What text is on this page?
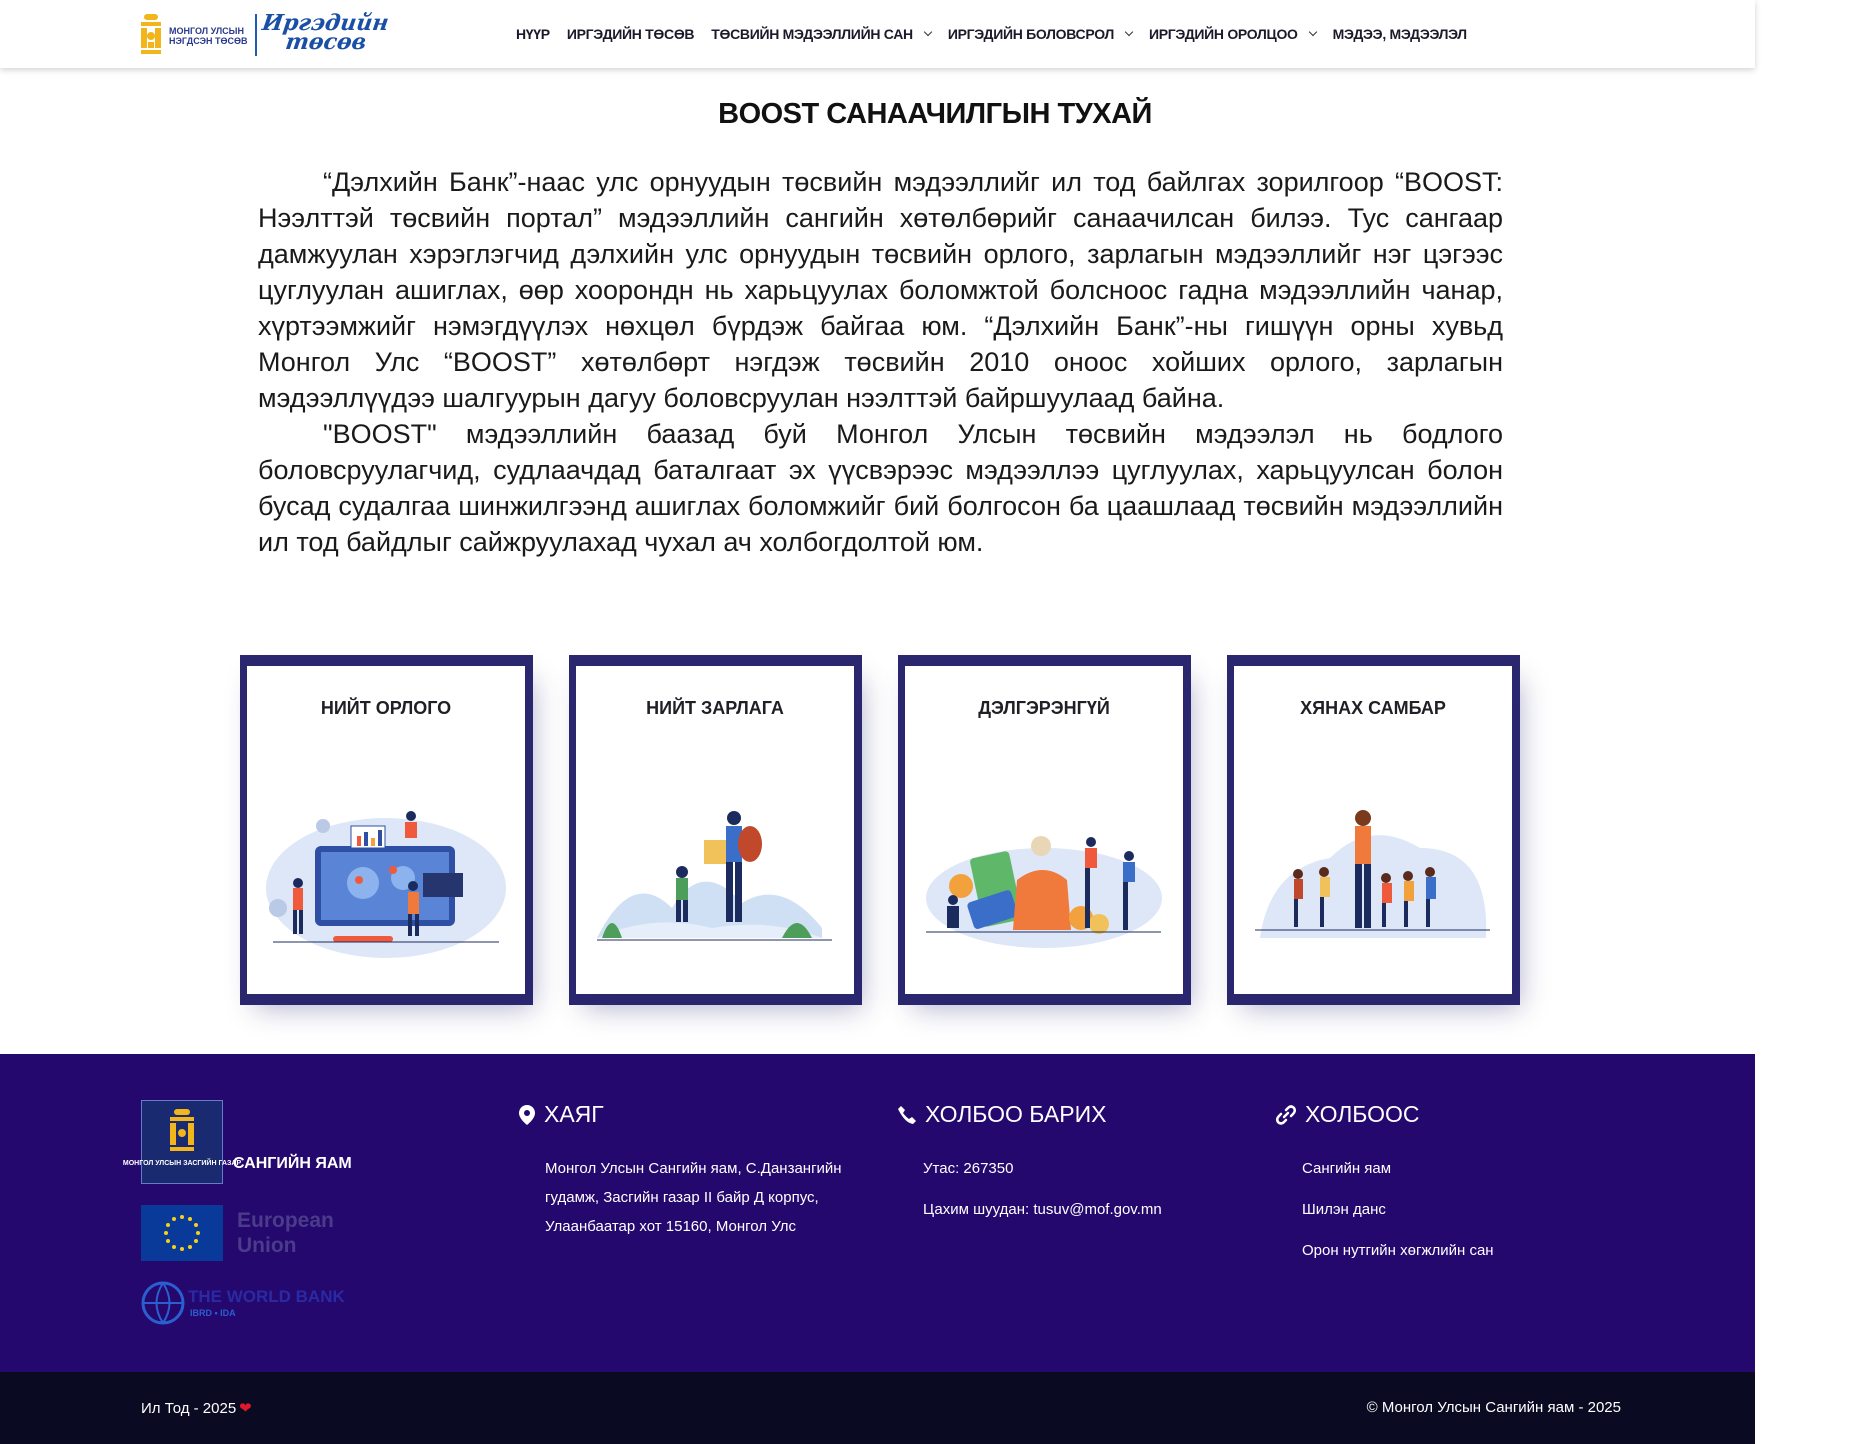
МОНГОЛ УЛСЫН
НЭГДСЭН ТӨСӨВ
Иргэдийн
төсөв	НҮҮР ИРГЭДИЙН ТӨСӨВ ТӨСВИЙН МЭДЭЭЛЛИЙН САН	ИРГЭДИЙН БОЛОВСРОЛ	ИРГЭДИЙН ОРОЛЦОО	МЭДЭЭ, МЭДЭЭЛЭЛ
BOOST САНААЧИЛГЫН ТУХАЙ

“Дэлхийн Банк”-наас улс орнуудын төсвийн мэдээллийг ил тод байлгах зорилгоор “BOOST: Нээлттэй төсвийн портал” мэдээллийн сангийн хөтөлбөрийг санаачилсан билээ. Тус сангаар дамжуулан хэрэглэгчид дэлхийн улс орнуудын төсвийн орлого, зарлагын мэдээллийг нэг цэгээс цуглуулан ашиглах, өөр хоорондн нь харьцуулах боломжтой болсноос гадна мэдээллийн чанар, хүртээмжийг нэмэгдүүлэх нөхцөл бүрдэж байгаа юм. “Дэлхийн Банк”-ны гишүүн орны хувьд Монгол Улс “BOOST” хөтөлбөрт нэгдэж төсвийн 2010 оноос хойших орлого, зарлагын мэдээллүүдээ шалгуурын дагуу боловсруулан нээлттэй байршуулаад байна.

"BOOST" мэдээллийн баазад буй Монгол Улсын төсвийн мэдээлэл нь бодлого боловсруулагчид, судлаачдад баталгаат эх үүсвэрээс мэдээллээ цуглуулах, харьцуулсан болон бусад судалгаа шинжилгээнд ашиглах боломжийг бий болгосон ба цаашлаад төсвийн мэдээллийн ил тод байдлыг сайжруулахад чухал ач холбогдолтой юм.

НИЙТ ОРЛОГО	НИЙТ ЗАРЛАГА	ДЭЛГЭРЭНГҮЙ	ХЯНАХ САМБАР
МОНГОЛ УЛСЫН ЗАСГИЙН ГАЗАР
САНГИЙН ЯАМ
European
Union
THE WORLD BANK
IBRD • IDA
ХАЯГ
Монгол Улсын Сангийн яам, С.Данзангийн
гудамж, Засгийн газар II байр Д корпус,
Улаанбаатар хот 15160, Монгол Улс
ХОЛБОО БАРИХ
Утас: 267350
Цахим шуудан: tusuv@mof.gov.mn
ХОЛБООС
Сангийн яам
Шилэн данс
Орон нутгийн хөгжлийн сан
Ил Тод - 2025 ❤	© Монгол Улсын Сангийн яам - 2025
